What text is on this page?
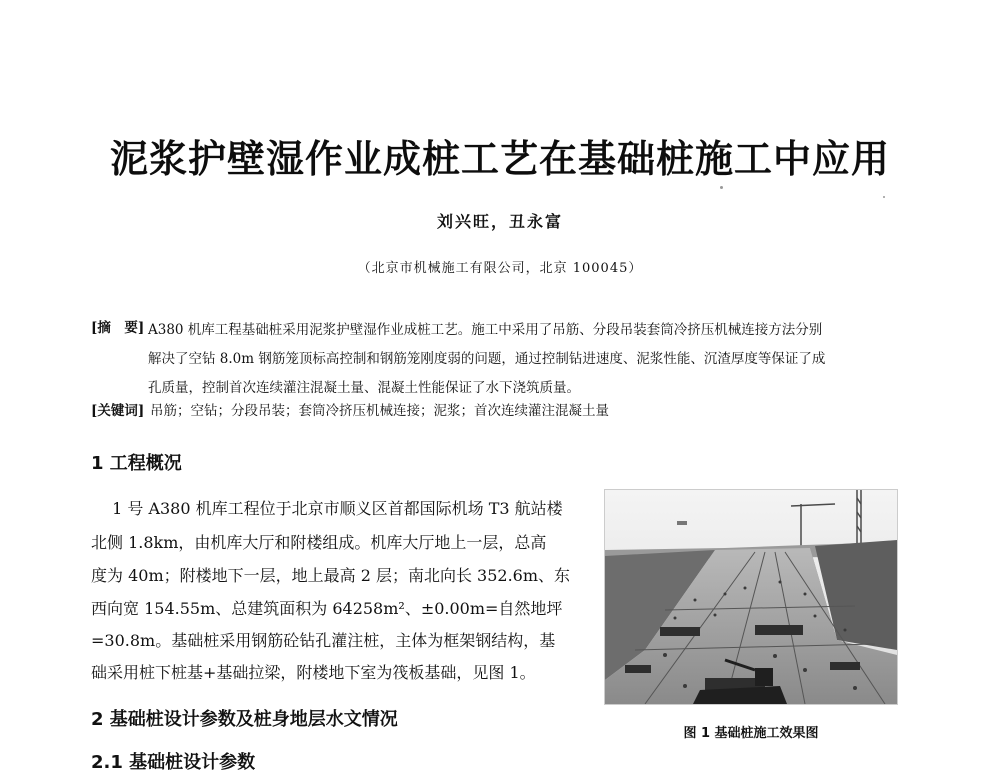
泥浆护壁湿作业成桩工艺在基础桩施工中应用
刘兴旺，丑永富
（北京市机械施工有限公司，北京 100045）
[摘　要] A380 机库工程基础桩采用泥浆护壁湿作业成桩工艺。施工中采用了吊筋、分段吊装套筒冷挤压机械连接方法分别
解决了空钻 8.0m 钢筋笼顶标高控制和钢筋笼刚度弱的问题，通过控制钻进速度、泥浆性能、沉渣厚度等保证了成
孔质量，控制首次连续灌注混凝土量、混凝土性能保证了水下浇筑质量。
[关键词] 吊筋；空钻；分段吊装；套筒冷挤压机械连接；泥浆；首次连续灌注混凝土量
1 工程概况
　 1 号 A380 机库工程位于北京市顺义区首都国际机场 T3 航站楼
北侧 1.8km，由机库大厅和附楼组成。机库大厅地上一层，总高
度为 40m；附楼地下一层，地上最高 2 层；南北向长 352.6m、东
西向宽 154.55m、总建筑面积为 64258m²、±0.00m=自然地坪
=30.8m。基础桩采用钢筋砼钻孔灌注桩，主体为框架钢结构，基
础采用桩下桩基+基础拉梁，附楼地下室为筏板基础，见图 1。
2 基础桩设计参数及桩身地层水文情况
2.1 基础桩设计参数
图 1 基础桩施工效果图
